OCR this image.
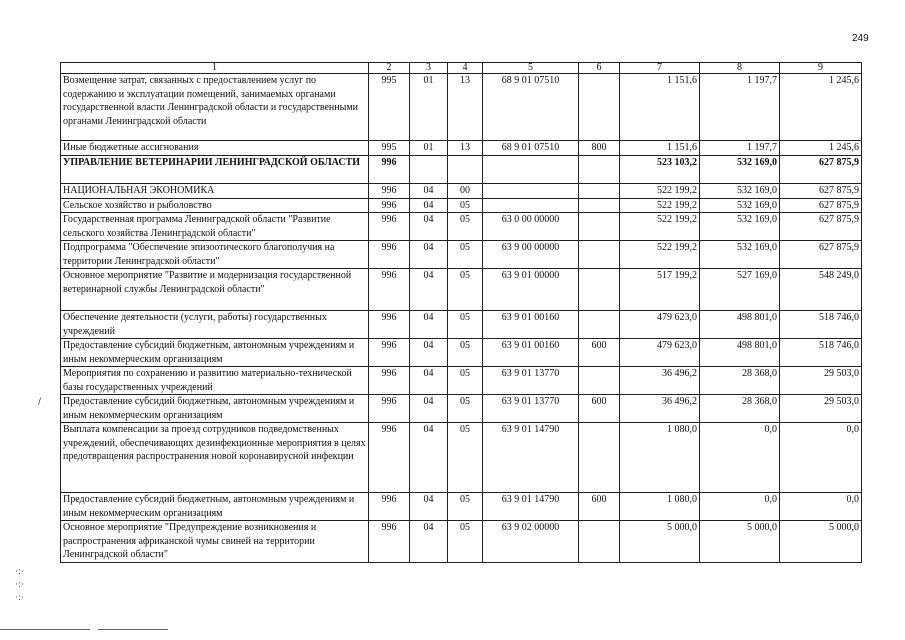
249
1	2	3	4	5	6	7	8	9
Возмещение затрат, связанных с предоставлением услуг по содержанию и эксплуатации помещений, занимаемых органами государственной власти Ленинградской области и государственными органами Ленинградской области	995	01	13	68 9 01 07510		1 151,6	1 197,7	1 245,6
Иные бюджетные ассигнования	995	01	13	68 9 01 07510	800	1 151,6	1 197,7	1 245,6
УПРАВЛЕНИЕ ВЕТЕРИНАРИИ ЛЕНИНГРАДСКОЙ ОБЛАСТИ	996					523 103,2	532 169,0	627 875,9
НАЦИОНАЛЬНАЯ ЭКОНОМИКА	996	04	00			522 199,2	532 169,0	627 875,9
Сельское хозяйство и рыболовство	996	04	05			522 199,2	532 169,0	627 875,9
Государственная программа Ленинградской области "Развитие сельского хозяйства Ленинградской области"	996	04	05	63 0 00 00000		522 199,2	532 169,0	627 875,9
Подпрограмма "Обеспечение эпизоотического благополучия на территории Ленинградской области"	996	04	05	63 9 00 00000		522 199,2	532 169,0	627 875,9
Основное мероприятие "Развитие и модернизация государственной ветеринарной службы Ленинградской области"	996	04	05	63 9 01 00000		517 199,2	527 169,0	548 249,0
Обеспечение деятельности (услуги, работы) государственных учреждений	996	04	05	63 9 01 00160		479 623,0	498 801,0	518 746,0
Предоставление субсидий бюджетным, автономным учреждениям и иным некоммерческим организациям	996	04	05	63 9 01 00160	600	479 623,0	498 801,0	518 746,0
Мероприятия по сохранению и развитию материально-технической базы государственных учреждений	996	04	05	63 9 01 13770		36 496,2	28 368,0	29 503,0
Предоставление субсидий бюджетным, автономным учреждениям и иным некоммерческим организациям	996	04	05	63 9 01 13770	600	36 496,2	28 368,0	29 503,0
Выплата компенсации за проезд сотрудников подведомственных учреждений, обеспечивающих дезинфекционные мероприятия в целях предотвращения распространения новой коронавирусной инфекции	996	04	05	63 9 01 14790		1 080,0	0,0	0,0
Предоставление субсидий бюджетным, автономным учреждениям и иным некоммерческим организациям	996	04	05	63 9 01 14790	600	1 080,0	0,0	0,0
Основное мероприятие "Предупреждение возникновения и распространения африканской чумы свиней на территории Ленинградской области"	996	04	05	63 9 02 00000		5 000,0	5 000,0	5 000,0
/
·:·
·:·
·:·
